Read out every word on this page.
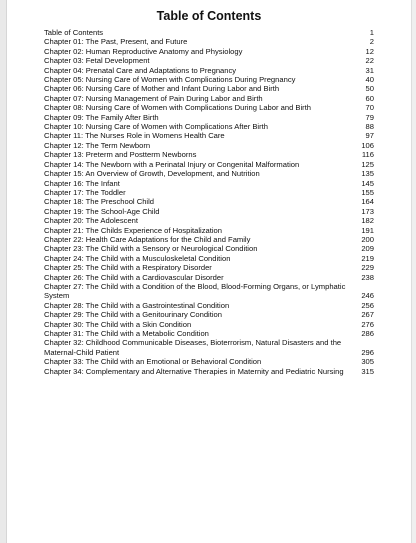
Table of Contents
Table of Contents	1
Chapter 01: The Past, Present, and Future	2
Chapter 02: Human Reproductive Anatomy and Physiology	12
Chapter 03: Fetal Development	22
Chapter 04: Prenatal Care and Adaptations to Pregnancy	31
Chapter 05: Nursing Care of Women with Complications During Pregnancy	40
Chapter 06: Nursing Care of Mother and Infant During Labor and Birth	50
Chapter 07: Nursing Management of Pain During Labor and Birth	60
Chapter 08: Nursing Care of Women with Complications During Labor and Birth	70
Chapter 09: The Family After Birth	79
Chapter 10: Nursing Care of Women with Complications After Birth	88
Chapter 11: The Nurses Role in Womens Health Care	97
Chapter 12: The Term Newborn	106
Chapter 13: Preterm and Postterm Newborns	116
Chapter 14: The Newborn with a Perinatal Injury or Congenital Malformation	125
Chapter 15: An Overview of Growth, Development, and Nutrition	135
Chapter 16: The Infant	145
Chapter 17: The Toddler	155
Chapter 18: The Preschool Child	164
Chapter 19: The School-Age Child	173
Chapter 20: The Adolescent	182
Chapter 21: The Childs Experience of Hospitalization	191
Chapter 22: Health Care Adaptations for the Child and Family	200
Chapter 23: The Child with a Sensory or Neurological Condition	209
Chapter 24: The Child with a Musculoskeletal Condition	219
Chapter 25: The Child with a Respiratory Disorder	229
Chapter 26: The Child with a Cardiovascular Disorder	238
Chapter 27: The Child with a Condition of the Blood, Blood-Forming Organs, or Lymphatic System	246
Chapter 28: The Child with a Gastrointestinal Condition	256
Chapter 29: The Child with a Genitourinary Condition	267
Chapter 30: The Child with a Skin Condition	276
Chapter 31: The Child with a Metabolic Condition	286
Chapter 32: Childhood Communicable Diseases, Bioterrorism, Natural Disasters and the Maternal-Child Patient	296
Chapter 33: The Child with an Emotional or Behavioral Condition	305
Chapter 34: Complementary and Alternative Therapies in Maternity and Pediatric Nursing	315
